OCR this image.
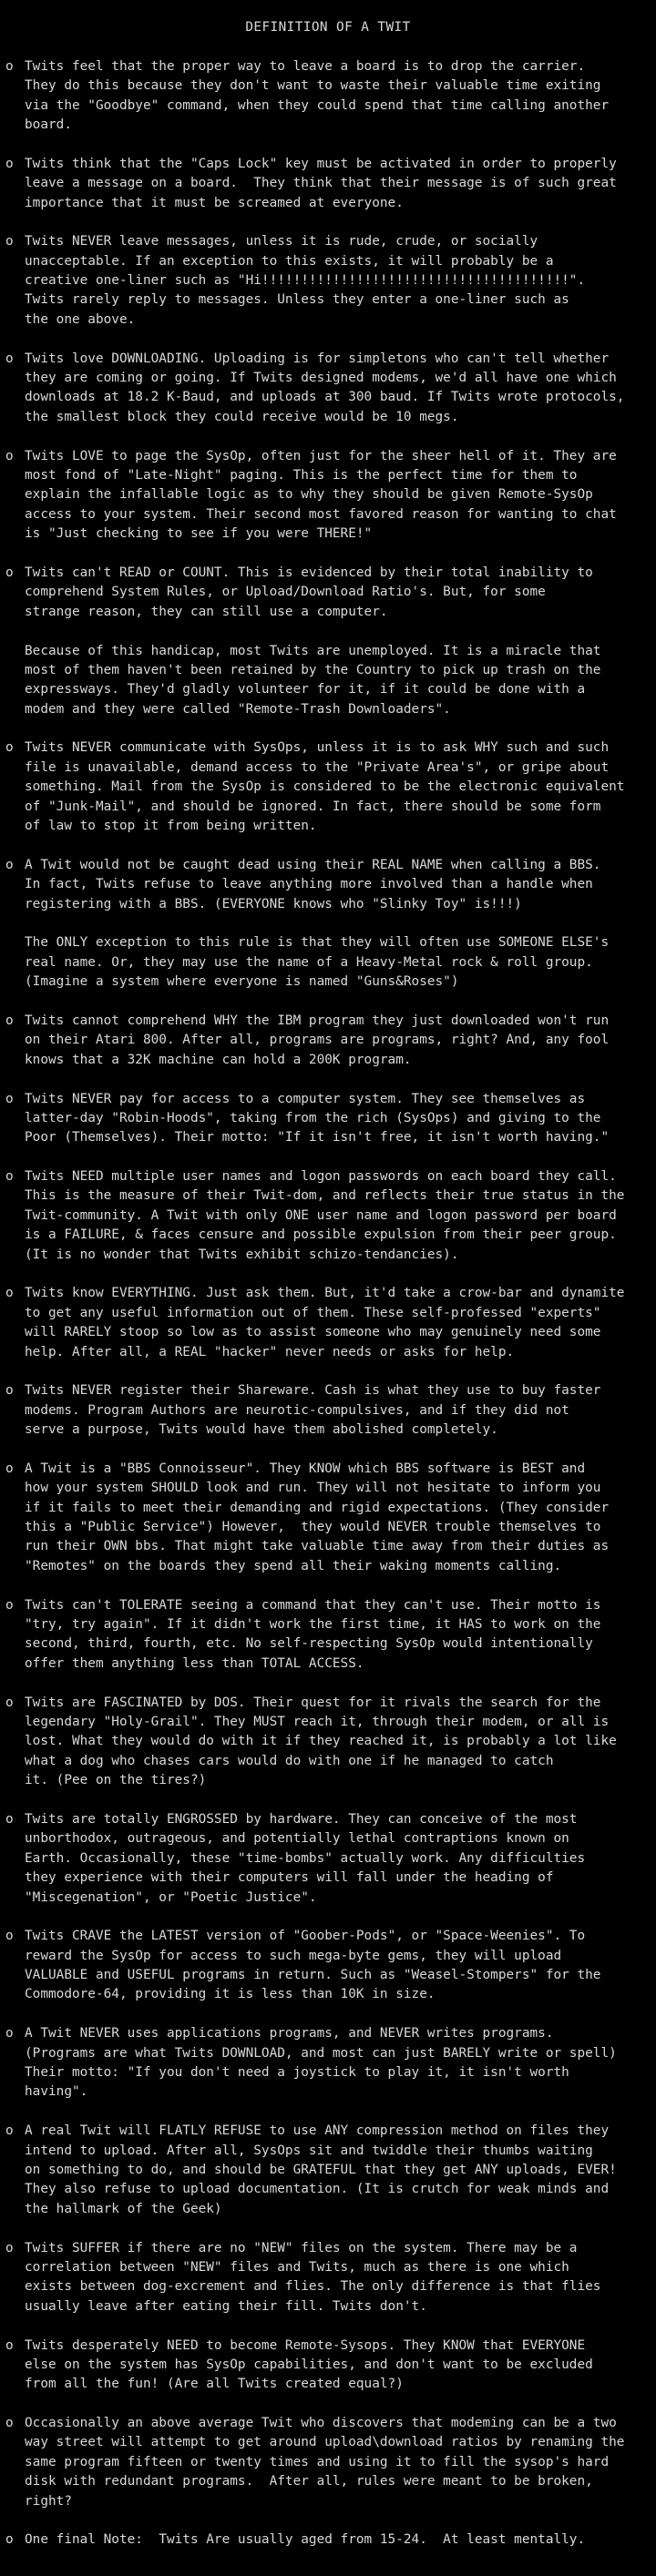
DEFINITION OF A TWIT
o Twits feel that the proper way to leave a board is to drop the carrier.
They do this because they don't want to waste their valuable time exiting
via the "Goodbye" command, when they could spend that time calling another
board.
o Twits think that the "Caps Lock" key must be activated in order to properly
leave a message on a board.  They think that their message is of such great
importance that it must be screamed at everyone.
o Twits NEVER leave messages, unless it is rude, crude, or socially
unacceptable. If an exception to this exists, it will probably be a
creative one-liner such as "Hi!!!!!!!!!!!!!!!!!!!!!!!!!!!!!!!!!!!!!!!".
Twits rarely reply to messages. Unless they enter a one-liner such as
the one above.
o Twits love DOWNLOADING. Uploading is for simpletons who can't tell whether
they are coming or going. If Twits designed modems, we'd all have one which
downloads at 18.2 K-Baud, and uploads at 300 baud. If Twits wrote protocols,
the smallest block they could receive would be 10 megs.
o Twits LOVE to page the SysOp, often just for the sheer hell of it. They are
most fond of "Late-Night" paging. This is the perfect time for them to
explain the infallable logic as to why they should be given Remote-SysOp
access to your system. Their second most favored reason for wanting to chat
is "Just checking to see if you were THERE!"
o Twits can't READ or COUNT. This is evidenced by their total inability to
comprehend System Rules, or Upload/Download Ratio's. But, for some
strange reason, they can still use a computer.
Because of this handicap, most Twits are unemployed. It is a miracle that
most of them haven't been retained by the Country to pick up trash on the
expressways. They'd gladly volunteer for it, if it could be done with a
modem and they were called "Remote-Trash Downloaders".
o Twits NEVER communicate with SysOps, unless it is to ask WHY such and such
file is unavailable, demand access to the "Private Area's", or gripe about
something. Mail from the SysOp is considered to be the electronic equivalent
of "Junk-Mail", and should be ignored. In fact, there should be some form
of law to stop it from being written.
o A Twit would not be caught dead using their REAL NAME when calling a BBS.
In fact, Twits refuse to leave anything more involved than a handle when
registering with a BBS. (EVERYONE knows who "Slinky Toy" is!!!)
The ONLY exception to this rule is that they will often use SOMEONE ELSE's
real name. Or, they may use the name of a Heavy-Metal rock & roll group.
(Imagine a system where everyone is named "Guns&Roses")
o Twits cannot comprehend WHY the IBM program they just downloaded won't run
on their Atari 800. After all, programs are programs, right? And, any fool
knows that a 32K machine can hold a 200K program.
o Twits NEVER pay for access to a computer system. They see themselves as
latter-day "Robin-Hoods", taking from the rich (SysOps) and giving to the
Poor (Themselves). Their motto: "If it isn't free, it isn't worth having."
o Twits NEED multiple user names and logon passwords on each board they call.
This is the measure of their Twit-dom, and reflects their true status in the
Twit-community. A Twit with only ONE user name and logon password per board
is a FAILURE, & faces censure and possible expulsion from their peer group.
(It is no wonder that Twits exhibit schizo-tendancies).
o Twits know EVERYTHING. Just ask them. But, it'd take a crow-bar and dynamite
to get any useful information out of them. These self-professed "experts"
will RARELY stoop so low as to assist someone who may genuinely need some
help. After all, a REAL "hacker" never needs or asks for help.
o Twits NEVER register their Shareware. Cash is what they use to buy faster
modems. Program Authors are neurotic-compulsives, and if they did not
serve a purpose, Twits would have them abolished completely.
o A Twit is a "BBS Connoisseur". They KNOW which BBS software is BEST and
how your system SHOULD look and run. They will not hesitate to inform you
if it fails to meet their demanding and rigid expectations. (They consider
this a "Public Service") However,  they would NEVER trouble themselves to
run their OWN bbs. That might take valuable time away from their duties as
"Remotes" on the boards they spend all their waking moments calling.
o Twits can't TOLERATE seeing a command that they can't use. Their motto is
"try, try again". If it didn't work the first time, it HAS to work on the
second, third, fourth, etc. No self-respecting SysOp would intentionally
offer them anything less than TOTAL ACCESS.
o Twits are FASCINATED by DOS. Their quest for it rivals the search for the
legendary "Holy-Grail". They MUST reach it, through their modem, or all is
lost. What they would do with it if they reached it, is probably a lot like
what a dog who chases cars would do with one if he managed to catch
it. (Pee on the tires?)
o Twits are totally ENGROSSED by hardware. They can conceive of the most
unborthodox, outrageous, and potentially lethal contraptions known on
Earth. Occasionally, these "time-bombs" actually work. Any difficulties
they experience with their computers will fall under the heading of
"Miscegenation", or "Poetic Justice".
o Twits CRAVE the LATEST version of "Goober-Pods", or "Space-Weenies". To
reward the SysOp for access to such mega-byte gems, they will upload
VALUABLE and USEFUL programs in return. Such as "Weasel-Stompers" for the
Commodore-64, providing it is less than 10K in size.
o A Twit NEVER uses applications programs, and NEVER writes programs.
(Programs are what Twits DOWNLOAD, and most can just BARELY write or spell)
Their motto: "If you don't need a joystick to play it, it isn't worth
having".
o A real Twit will FLATLY REFUSE to use ANY compression method on files they
intend to upload. After all, SysOps sit and twiddle their thumbs waiting
on something to do, and should be GRATEFUL that they get ANY uploads, EVER!
They also refuse to upload documentation. (It is crutch for weak minds and
the hallmark of the Geek)
o Twits SUFFER if there are no "NEW" files on the system. There may be a
correlation between "NEW" files and Twits, much as there is one which
exists between dog-excrement and flies. The only difference is that flies
usually leave after eating their fill. Twits don't.
o Twits desperately NEED to become Remote-Sysops. They KNOW that EVERYONE
else on the system has SysOp capabilities, and don't want to be excluded
from all the fun! (Are all Twits created equal?)
o Occasionally an above average Twit who discovers that modeming can be a two
way street will attempt to get around upload\download ratios by renaming the
same program fifteen or twenty times and using it to fill the sysop's hard
disk with redundant programs.  After all, rules were meant to be broken,
right?
o One final Note:  Twits Are usually aged from 15-24.  At least mentally.
